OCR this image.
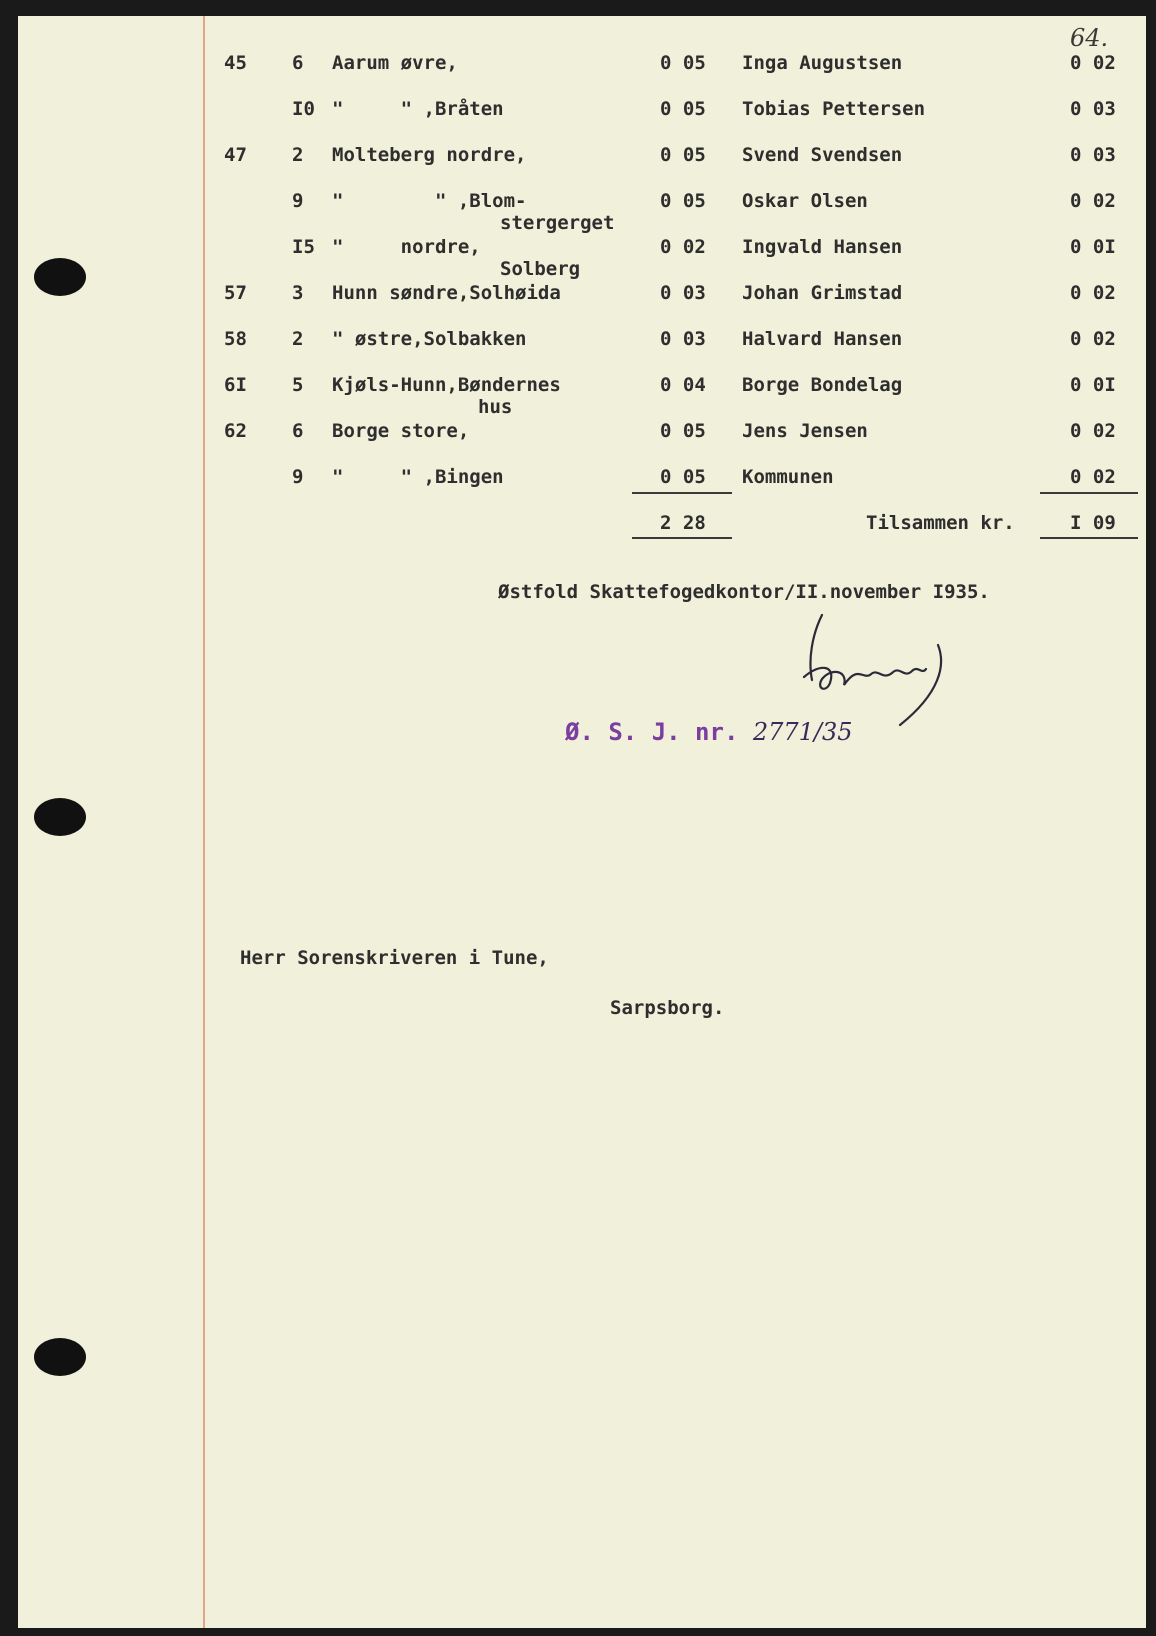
64.
45 6 Aarum øvre,	0 05 Inga Augustsen	0 02
I0 "     " ,Bråten	0 05 Tobias Pettersen	0 03
47 2 Molteberg nordre,	0 05 Svend Svendsen	0 03
9 "        " ,Blom-	0 05 Oskar Olsen	0 02
stergerget
I5 "     nordre,	0 02 Ingvald Hansen	0 0I
Solberg
57 3 Hunn søndre,Solhøida	0 03 Johan Grimstad	0 02
58 2 " østre,Solbakken	0 03 Halvard Hansen	0 02
6I 5 Kjøls-Hunn,Bøndernes	0 04 Borge Bondelag	0 0I
hus
62 6 Borge store,	0 05 Jens Jensen	0 02
9 "     " ,Bingen	0 05 Kommunen	0 02
2 28	Tilsammen kr.	I 09
Østfold Skattefogedkontor/II.november I935.
Ø. S. J. nr. 2771/35
Herr Sorenskriveren i Tune,
Sarpsborg.
